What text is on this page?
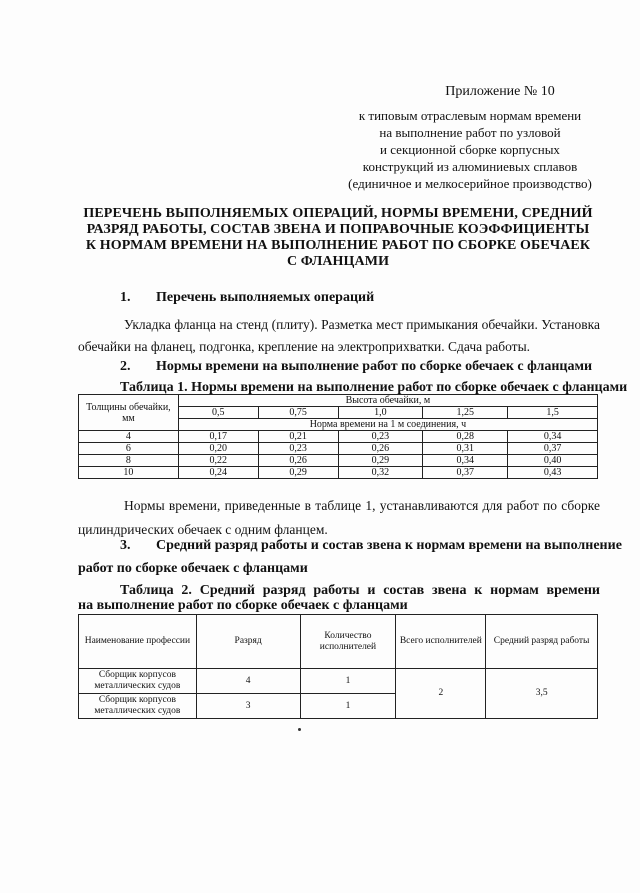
Приложение № 10
к типовым отраслевым нормам времени
на выполнение работ по узловой
и секционной сборке корпусных
конструкций из алюминиевых сплавов
(единичное и мелкосерийное производство)
ПЕРЕЧЕНЬ ВЫПОЛНЯЕМЫХ ОПЕРАЦИЙ, НОРМЫ ВРЕМЕНИ, СРЕДНИЙ
РАЗРЯД РАБОТЫ, СОСТАВ ЗВЕНА И ПОПРАВОЧНЫЕ КОЭФФИЦИЕНТЫ
К НОРМАМ ВРЕМЕНИ НА ВЫПОЛНЕНИЕ РАБОТ ПО СБОРКЕ ОБЕЧАЕК
С ФЛАНЦАМИ
1. Перечень выполняемых операций
Укладка фланца на стенд (плиту). Разметка мест примыкания обечайки. Установка обечайки на фланец, подгонка, крепление на электроприхватки. Сдача работы.
2. Нормы времени на выполнение работ по сборке обечаек с фланцами
Таблица 1. Нормы времени на выполнение работ по сборке обечаек с фланцами
Толщины обечайки, мм	Высота обечайки, м				
	0,5	0,75	1,0	1,25	1,5
	Норма времени на 1 м соединения, ч				
4	0,17	0,21	0,23	0,28	0,34
6	0,20	0,23	0,26	0,31	0,37
8	0,22	0,26	0,29	0,34	0,40
10	0,24	0,29	0,32	0,37	0,43
Нормы времени, приведенные в таблице 1, устанавливаются для работ по сборке цилиндрических обечаек с одним фланцем.
3. Средний разряд работы и состав звена к нормам времени на выполнение
работ по сборке обечаек с фланцами
Таблица 2. Средний разряд работы и состав звена к нормам времени
на выполнение работ по сборке обечаек с фланцами
Наименование профессии	Разряд	Количество исполнителей	Всего исполнителей	Средний разряд работы
Сборщик корпусов металлических судов	4	1	2	3,5
Сборщик корпусов металлических судов	3	1		
